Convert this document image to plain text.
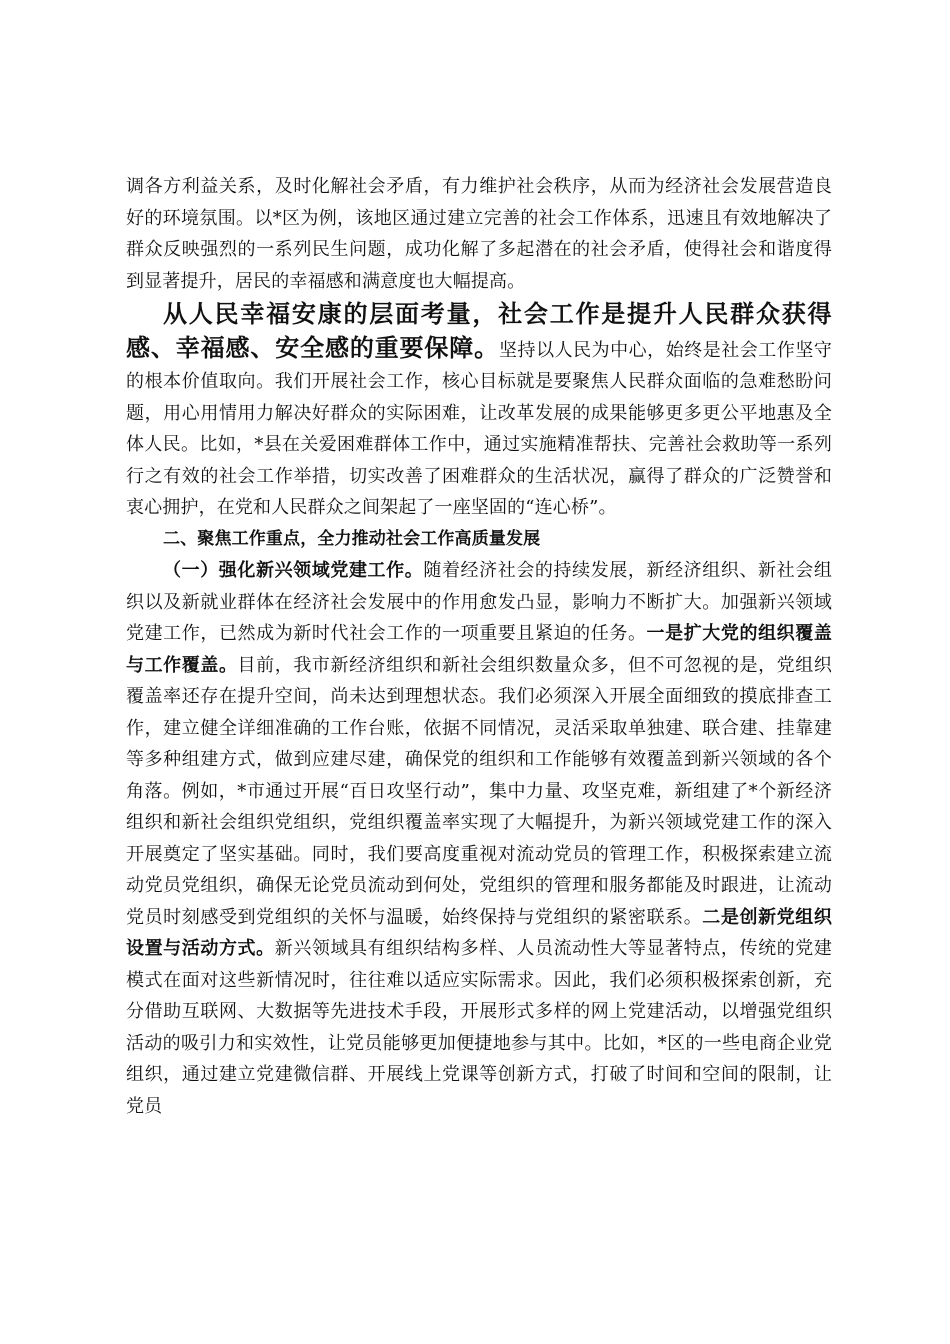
调各方利益关系，及时化解社会矛盾，有力维护社会秩序，从而为经济社会发展营造良好的环境氛围。以*区为例，该地区通过建立完善的社会工作体系，迅速且有效地解决了群众反映强烈的一系列民生问题，成功化解了多起潜在的社会矛盾，使得社会和谐度得到显著提升，居民的幸福感和满意度也大幅提高。

从人民幸福安康的层面考量，社会工作是提升人民群众获得感、幸福感、安全感的重要保障。坚持以人民为中心，始终是社会工作坚守的根本价值取向。我们开展社会工作，核心目标就是要聚焦人民群众面临的急难愁盼问题，用心用情用力解决好群众的实际困难，让改革发展的成果能够更多更公平地惠及全体人民。比如，*县在关爱困难群体工作中，通过实施精准帮扶、完善社会救助等一系列行之有效的社会工作举措，切实改善了困难群众的生活状况，赢得了群众的广泛赞誉和衷心拥护，在党和人民群众之间架起了一座坚固的“连心桥”。

二、聚焦工作重点，全力推动社会工作高质量发展

（一）强化新兴领域党建工作。随着经济社会的持续发展，新经济组织、新社会组织以及新就业群体在经济社会发展中的作用愈发凸显，影响力不断扩大。加强新兴领域党建工作，已然成为新时代社会工作的一项重要且紧迫的任务。一是扩大党的组织覆盖与工作覆盖。目前，我市新经济组织和新社会组织数量众多，但不可忽视的是，党组织覆盖率还存在提升空间，尚未达到理想状态。我们必须深入开展全面细致的摸底排查工作，建立健全详细准确的工作台账，依据不同情况，灵活采取单独建、联合建、挂靠建等多种组建方式，做到应建尽建，确保党的组织和工作能够有效覆盖到新兴领域的各个角落。例如，*市通过开展“百日攻坚行动”，集中力量、攻坚克难，新组建了*个新经济组织和新社会组织党组织，党组织覆盖率实现了大幅提升，为新兴领域党建工作的深入开展奠定了坚实基础。同时，我们要高度重视对流动党员的管理工作，积极探索建立流动党员党组织，确保无论党员流动到何处，党组织的管理和服务都能及时跟进，让流动党员时刻感受到党组织的关怀与温暖，始终保持与党组织的紧密联系。二是创新党组织设置与活动方式。新兴领域具有组织结构多样、人员流动性大等显著特点，传统的党建模式在面对这些新情况时，往往难以适应实际需求。因此，我们必须积极探索创新，充分借助互联网、大数据等先进技术手段，开展形式多样的网上党建活动，以增强党组织活动的吸引力和实效性，让党员能够更加便捷地参与其中。比如，*区的一些电商企业党组织，通过建立党建微信群、开展线上党课等创新方式，打破了时间和空间的限制，让党员
